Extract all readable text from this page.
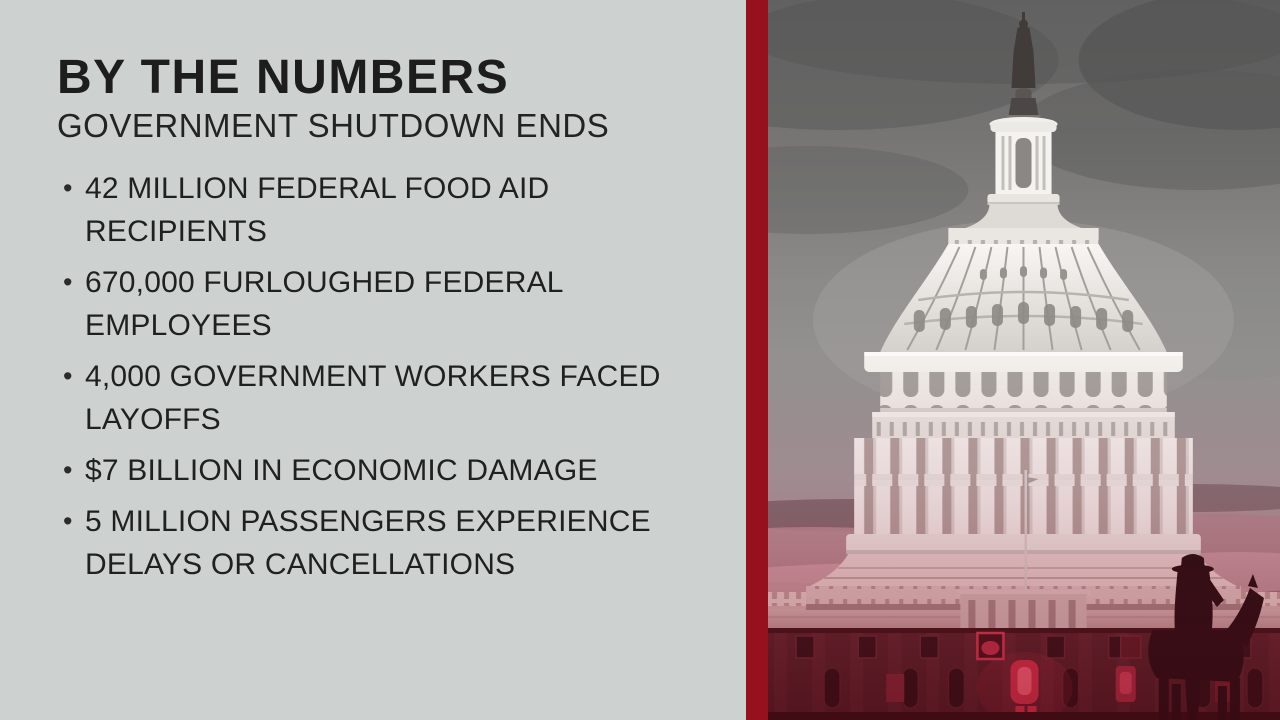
BY THE NUMBERS
GOVERNMENT SHUTDOWN ENDS
• 42 MILLION FEDERAL FOOD AID RECIPIENTS
• 670,000 FURLOUGHED FEDERAL EMPLOYEES
• 4,000 GOVERNMENT WORKERS FACED LAYOFFS
• $7 BILLION IN ECONOMIC DAMAGE
• 5 MILLION PASSENGERS EXPERIENCE DELAYS OR CANCELLATIONS
